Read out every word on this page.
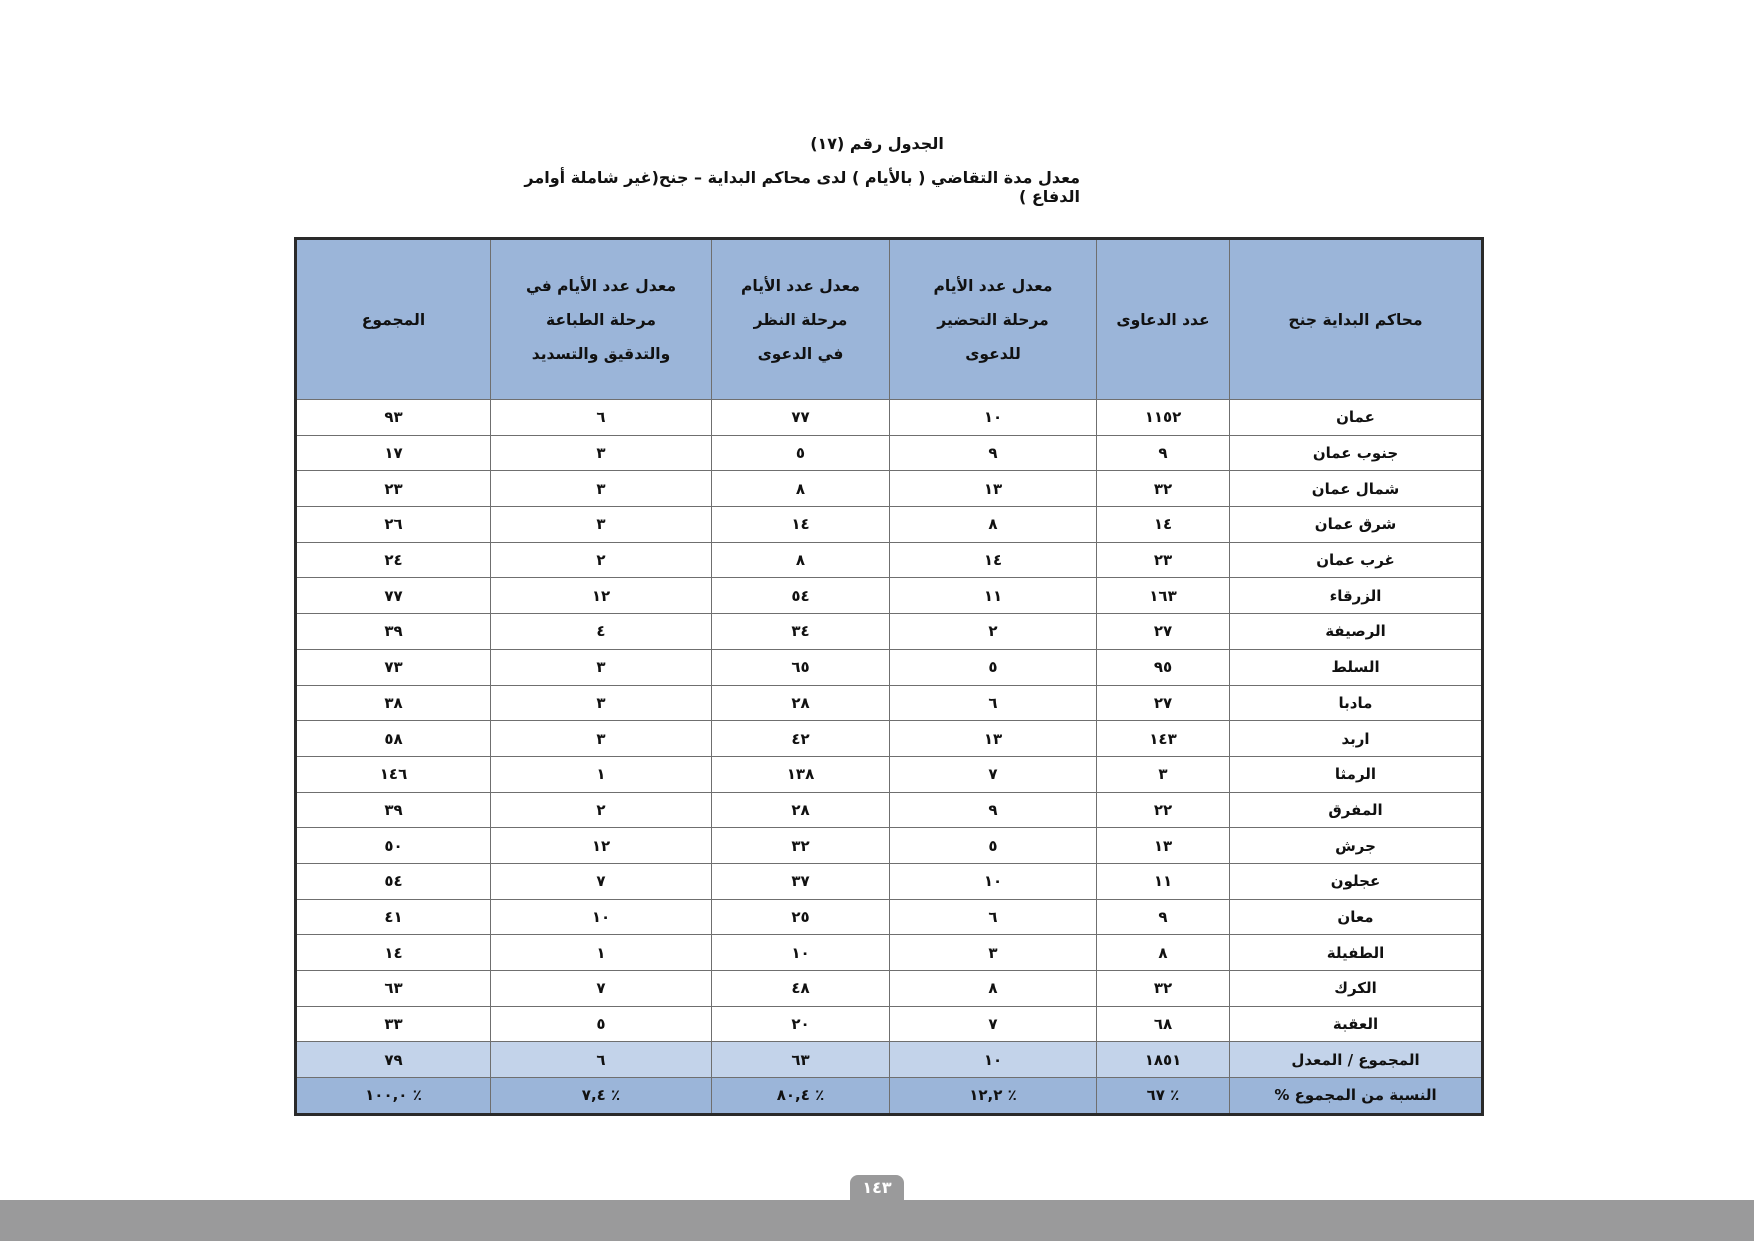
الجدول رقم (١٧)
معدل مدة التقاضي ( بالأيام ) لدى محاكم البداية – جنح(غير شاملة أوامر الدفاع )
محاكم البداية جنح	عدد الدعاوى	معدل عدد الأيام مرحلة التحضير للدعوى	معدل عدد الأيام مرحلة النظر في الدعوى	معدل عدد الأيام في مرحلة الطباعة والتدقيق والتسديد	المجموع
عمان	١١٥٢	١٠	٧٧	٦	٩٣
جنوب عمان	٩	٩	٥	٣	١٧
شمال عمان	٣٢	١٣	٨	٣	٢٣
شرق عمان	١٤	٨	١٤	٣	٢٦
غرب عمان	٢٣	١٤	٨	٢	٢٤
الزرقاء	١٦٣	١١	٥٤	١٢	٧٧
الرصيفة	٢٧	٢	٣٤	٤	٣٩
السلط	٩٥	٥	٦٥	٣	٧٣
مادبا	٢٧	٦	٢٨	٣	٣٨
اربد	١٤٣	١٣	٤٢	٣	٥٨
الرمثا	٣	٧	١٣٨	١	١٤٦
المفرق	٢٢	٩	٢٨	٢	٣٩
جرش	١٣	٥	٣٢	١٢	٥٠
عجلون	١١	١٠	٣٧	٧	٥٤
معان	٩	٦	٢٥	١٠	٤١
الطفيلة	٨	٣	١٠	١	١٤
الكرك	٣٢	٨	٤٨	٧	٦٣
العقبة	٦٨	٧	٢٠	٥	٣٣
المجموع / المعدل	١٨٥١	١٠	٦٣	٦	٧٩
النسبة من المجموع %	٪ ٦٧	٪ ١٢,٢	٪ ٨٠,٤	٪ ٧,٤	٪ ١٠٠,٠
١٤٣
